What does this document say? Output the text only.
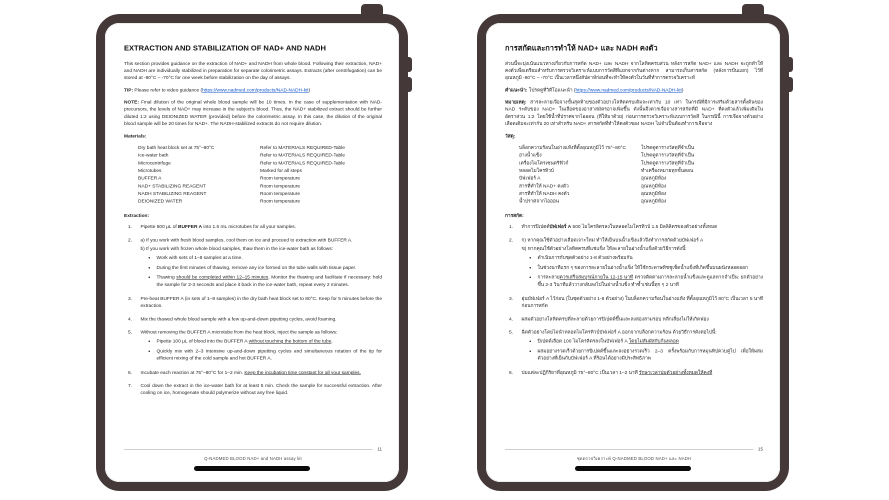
EXTRACTION AND STABILIZATION OF NAD+ AND NADH

This section provides guidance on the extraction of NAD+ and NADH from whole blood. Following their extraction, NAD+ and NADH are individually stabilized in preparation for separate colorimetric assays. Extracts (after centrifugation) can be stored at -80°C – -70°C for one week before stabilization on the day of assays.

TIP: Please refer to video guidance (https://www.nadmed.com/products/NAD-NADH-kit)

NOTE: Final dilution of the original whole blood sample will be 10 times. In the case of supplementation with NAD-precursors, the levels of NAD+ may increase in the subject's blood. Thus, the NAD+ stabilized extract should be further diluted 1:2 using DEIONIZED WATER (provided) before the colorimetric assay. In this case, the dilution of the original blood sample will be 20 times for NAD+. The NADH-stabilized extracts do not require dilution.

Materials:

Dry bath heat block set at 75°–80°C	Refer to MATERIALS REQUIRED-Table
Ice-water bath	Refer to MATERIALS REQUIRED-Table
Microcentrifuge	Refer to MATERIALS REQUIRED-Table
Microtubes	Marked for all steps
BUFFER A	Room temperature
NAD+ STABILIZING REAGENT	Room temperature
NADH STABILIZING REAGENT	Room temperature
DEIONIZED WATER	Room temperature

Extraction:

1. Pipette 500 µL of BUFFER A into 1.5 mL microtubes for all your samples.
2. a) If you work with fresh blood samples, cool them on ice and proceed to extraction with BUFFER A.
b) If you work with frozen whole blood samples, thaw them in the ice-water bath as follows:
• Work with sets of 1–8 samples at a time.
• During the first minutes of thawing, remove any ice formed on the tube walls with tissue paper.
• Thawing should be completed within 12–15 minutes. Monitor the thawing and facilitate if necessary: hold the sample for 2-3 seconds and place it back in the ice-water bath, repeat every 2 minutes.
3. Pre-heat BUFFER A (in sets of 1–8 samples) in the dry bath heat block set to 80°C. Keep for 5 minutes before the extraction.
4. Mix the thawed whole blood sample with a few up-and-down pipetting cycles, avoid foaming.
5. Without removing the BUFFER A microtube from the heat block, inject the sample as follows:
• Pipette 100 µL of blood into the BUFFER A without touching the bottom of the tube.
• Quickly mix with 2–3 intensive up-and-down pipetting cycles and simultaneous rotation of the tip for efficient mixing of the cold sample and hot BUFFER A.
6. Incubate each reaction at 75°–80°C for 1–2 min. Keep the incubation time constant for all your samples.
7. Cool down the extract in the ice-water bath for at least 5 min. Check the sample for successful extraction. After cooling on ice, homogenate should polymerize without any free liquid.
11
Q-NADMED BLOOD NAD+ and NADH assay kit
การสกัดและการทำให้ NAD+ และ NADH คงตัว

ส่วนนี้จะมุ่งเน้นแนวทางเกี่ยวกับการสกัด NAD+ และ NADH จากโลหิตครบส่วน หลังการสกัด NAD+ และ NADH จะถูกทำให้คงตัวเพื่อเตรียมสำหรับการตรวจวิเคราะห์แบบการวัดสีที่แยกจากกันต่างหาก สามารถเก็บสารสกัด (หลังการปั่นแยก) ไว้ที่อุณหภูมิ -80°C – -70°C เป็นเวลาหนึ่งสัปดาห์ก่อนที่จะทำให้คงตัวในวันที่ทำการตรวจวิเคราะห์

คำแนะนำ: โปรดดูที่วิดีโอแนะนำ (https://www.nadmed.com/products/NAD-NADH-kit)

หมายเหตุ: สารละลายเจือจางขั้นสุดท้ายของตัวอย่างโลหิตครบเดิมจะเท่ากับ 10 เท่า ในกรณีที่มีการเสริมด้วยสารตั้งต้นของ NAD ระดับของ NAD+ ในเลือดของอาสาสมัครอาจเพิ่มขึ้น ดังนั้นจึงควรเจือจางสารสกัดที่มี NAD+ ที่คงตัวแล้วเพิ่มเติมในอัตราส่วน 1:2 โดยใช้น้ำที่ปราศจากไอออน (ที่ให้มาด้วย) ก่อนการตรวจวิเคราะห์แบบการวัดสี ในกรณีนี้ การเจือจางตัวอย่างเลือดเดิมจะเท่ากับ 20 เท่าสำหรับ NAD+ สารสกัดที่ทำให้คงตัวของ NADH ไม่จำเป็นต้องทำการเจือจาง

วัสดุ:

บล็อกความร้อนในอ่างแห้งที่ตั้งอุณหภูมิไว้ 75°–80°C	โปรดดูตารางวัสดุที่จำเป็น
อ่างน้ำแข็ง	โปรดดูตารางวัสดุที่จำเป็น
เครื่องไมโครเซนตริฟิวก์	โปรดดูตารางวัสดุที่จำเป็น
หลอดไมโครทิวบ์	ทำเครื่องหมายทุกขั้นตอน
บัฟเฟอร์ A	อุณหภูมิห้อง
สารที่ทำให้ NAD+ คงตัว	อุณหภูมิห้อง
สารที่ทำให้ NADH คงตัว	อุณหภูมิห้อง
น้ำปราศจากไอออน	อุณหภูมิห้อง

การสกัด:

1. ทำการปิเปตต์บัฟเฟอร์ A 500 ไมโครลิตรลงในหลอดไมโครทิวบ์ 1.5 มิลลิลิตรของตัวอย่างทั้งหมด
2. ก) หากคุณใช้ตัวอย่างเลือดเจาะใหม่ ทำให้เย็นบนน้ำแข็งแล้วจึงทำการสกัดด้วยบัฟเฟอร์ A
ข) หากคุณใช้ตัวอย่างโลหิตครบที่แช่แข็ง ให้ละลายในอ่างน้ำแข็งด้วยวิธีการดังนี้:
• ดำเนินการกับชุดตัวอย่าง 1-8 ตัวอย่างพร้อมกัน
• ในช่วงนาทีแรก ๆ ของการละลายในอ่างน้ำแข็ง ให้ใช้กระดาษทิชชูเช็ดน้ำแข็งที่เกิดขึ้นบนผนังหลอดออก
• การละลายควรเสร็จสมบูรณ์ภายใน 12-15 นาที ตรวจติดตามการละลายน้ำแข็งและดูแลหากจำเป็น: ยกตัวอย่างขึ้น 2-3 วินาทีแล้ววางกลับลงไปในอ่างน้ำแข็ง ทำซ้ำเช่นนี้ทุก ๆ 2 นาที
3. อุ่นบัฟเฟอร์ A ไว้ก่อน (ในชุดตัวอย่าง 1-8 ตัวอย่าง) ในบล็อกความร้อนในอ่างแห้ง ที่ตั้งอุณหภูมิไว้ 80°C เป็นเวลา 5 นาทีก่อนการสกัด
4. ผสมตัวอย่างโลหิตครบที่ละลายด้วยการปิเปตต์ขึ้นและลงสองสามรอบ หลีกเลี่ยงไม่ให้เกิดฟอง
5. ฉีดตัวอย่างโดยไม่นำหลอดไมโครทิวบ์บัฟเฟอร์ A ออกจากบล็อกความร้อน ด้วยวิธีการดังต่อไปนี้:
• ปิเปตต์เลือด 100 ไมโครลิตรลงในบัฟเฟอร์ A โดยไม่สัมผัสกับก้นหลอด
• ผสมอย่างรวดเร็วด้วยการปิเปตต์ขึ้นและลงอย่างรวดเร็ว 2–3 ครั้งพร้อมกับการหมุนทิปควบคู่ไป เพื่อให้ผสมตัวอย่างที่เย็นกับบัฟเฟอร์ A ที่ร้อนได้อย่างมีประสิทธิภาพ
6. บ่มแต่ละปฏิกิริยาที่อุณหภูมิ 75°–80°C เป็นเวลา 1–2 นาที รักษาเวลาบ่มตัวอย่างทั้งหมดให้คงที่
15
ชุดตรวจวิเคราะห์ Q-NADMED BLOOD NAD+ และ NADH
